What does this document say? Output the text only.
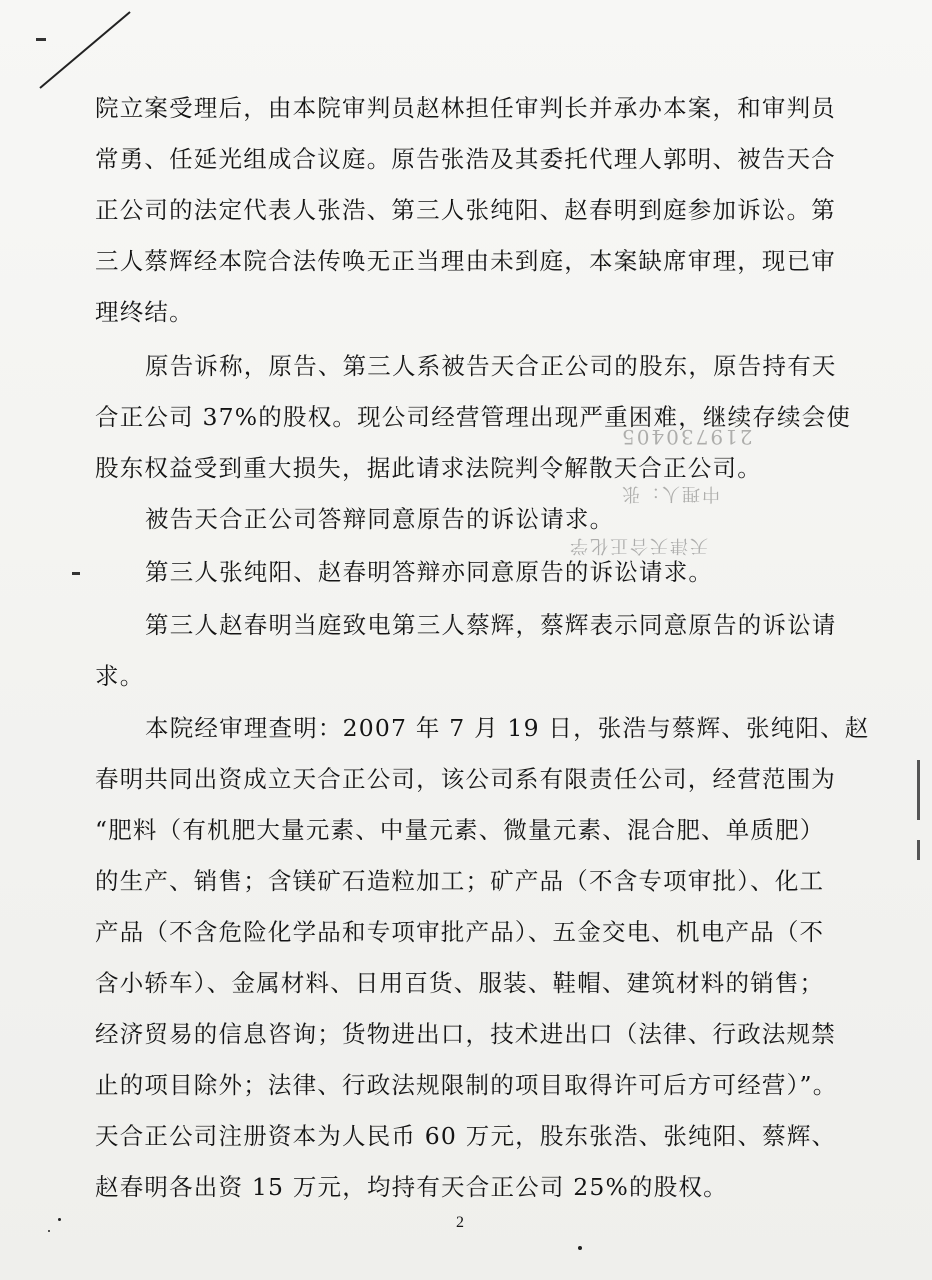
219730405
中理人：张
天津天合正化学
院立案受理后，由本院审判员赵林担任审判长并承办本案，和审判员
常勇、任延光组成合议庭。原告张浩及其委托代理人郭明、被告天合
正公司的法定代表人张浩、第三人张纯阳、赵春明到庭参加诉讼。第
三人蔡辉经本院合法传唤无正当理由未到庭，本案缺席审理，现已审
理终结。
原告诉称，原告、第三人系被告天合正公司的股东，原告持有天
合正公司 37%的股权。现公司经营管理出现严重困难，继续存续会使
股东权益受到重大损失，据此请求法院判令解散天合正公司。
被告天合正公司答辩同意原告的诉讼请求。
第三人张纯阳、赵春明答辩亦同意原告的诉讼请求。
第三人赵春明当庭致电第三人蔡辉，蔡辉表示同意原告的诉讼请
求。
本院经审理查明：2007 年 7 月 19 日，张浩与蔡辉、张纯阳、赵
春明共同出资成立天合正公司，该公司系有限责任公司，经营范围为
“肥料（有机肥大量元素、中量元素、微量元素、混合肥、单质肥）
的生产、销售；含镁矿石造粒加工；矿产品（不含专项审批）、化工
产品（不含危险化学品和专项审批产品）、五金交电、机电产品（不
含小轿车）、金属材料、日用百货、服装、鞋帽、建筑材料的销售；
经济贸易的信息咨询；货物进出口，技术进出口（法律、行政法规禁
止的项目除外；法律、行政法规限制的项目取得许可后方可经营）”。
天合正公司注册资本为人民币 60 万元，股东张浩、张纯阳、蔡辉、
赵春明各出资 15 万元，均持有天合正公司 25%的股权。
2
